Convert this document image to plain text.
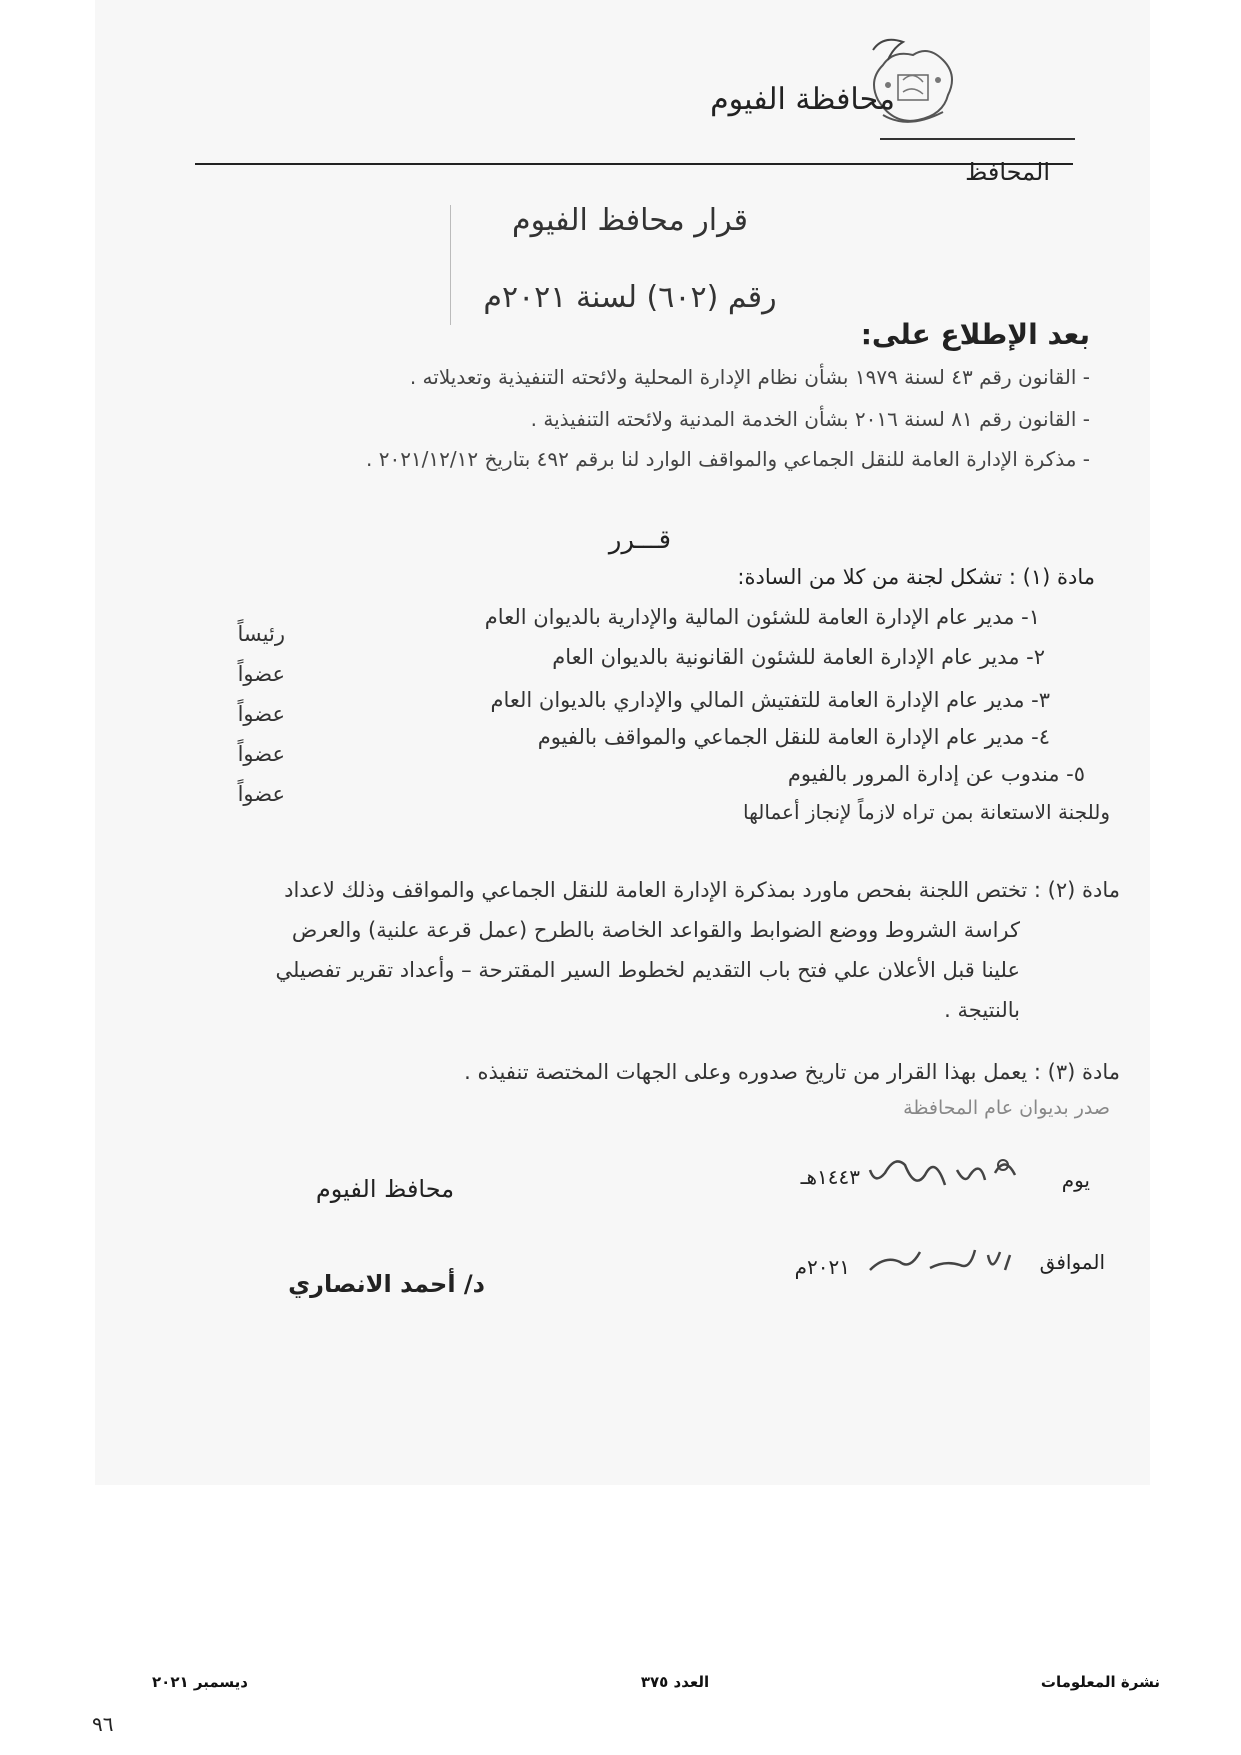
محافظة الفيوم
المحافظ
قرار محافظ الفيوم
رقم (٦٠٢) لسنة ٢٠٢١م
بعد الإطلاع على:
- القانون رقم ٤٣ لسنة ١٩٧٩ بشأن نظام الإدارة المحلية ولائحته التنفيذية وتعديلاته .
- القانون رقم ٨١ لسنة ٢٠١٦ بشأن الخدمة المدنية ولائحته التنفيذية .
- مذكرة الإدارة العامة للنقل الجماعي والمواقف الوارد لنا برقم ٤٩٢ بتاريخ ٢٠٢١/١٢/١٢ .
قـــرر
مادة (١) : تشكل لجنة من كلا من السادة:
١- مدير عام الإدارة العامة للشئون المالية والإدارية بالديوان العام
رئيساً
٢- مدير عام الإدارة العامة للشئون القانونية بالديوان العام
عضواً
٣- مدير عام الإدارة العامة للتفتيش المالي والإداري بالديوان العام
عضواً
٤- مدير عام الإدارة العامة للنقل الجماعي والمواقف بالفيوم
عضواً
٥- مندوب عن إدارة المرور بالفيوم
عضواً
وللجنة الاستعانة بمن تراه لازماً لإنجاز أعمالها
مادة (٢) : تختص اللجنة بفحص ماورد بمذكرة الإدارة العامة للنقل الجماعي والمواقف وذلك لاعداد
كراسة الشروط ووضع الضوابط والقواعد الخاصة بالطرح (عمل قرعة علنية) والعرض
علينا قبل الأعلان علي فتح باب التقديم لخطوط السير المقترحة – وأعداد تقرير تفصيلي
بالنتيجة .
مادة (٣) : يعمل بهذا القرار من تاريخ صدوره وعلى الجهات المختصة تنفيذه .
صدر بديوان عام المحافظة
يوم
١٤٤٣هـ
الموافق
٢٠٢١م
محافظ الفيوم
د/ أحمد الانصاري
ديسمبر ٢٠٢١	العدد ٣٧٥	نشرة المعلومات
٩٦
